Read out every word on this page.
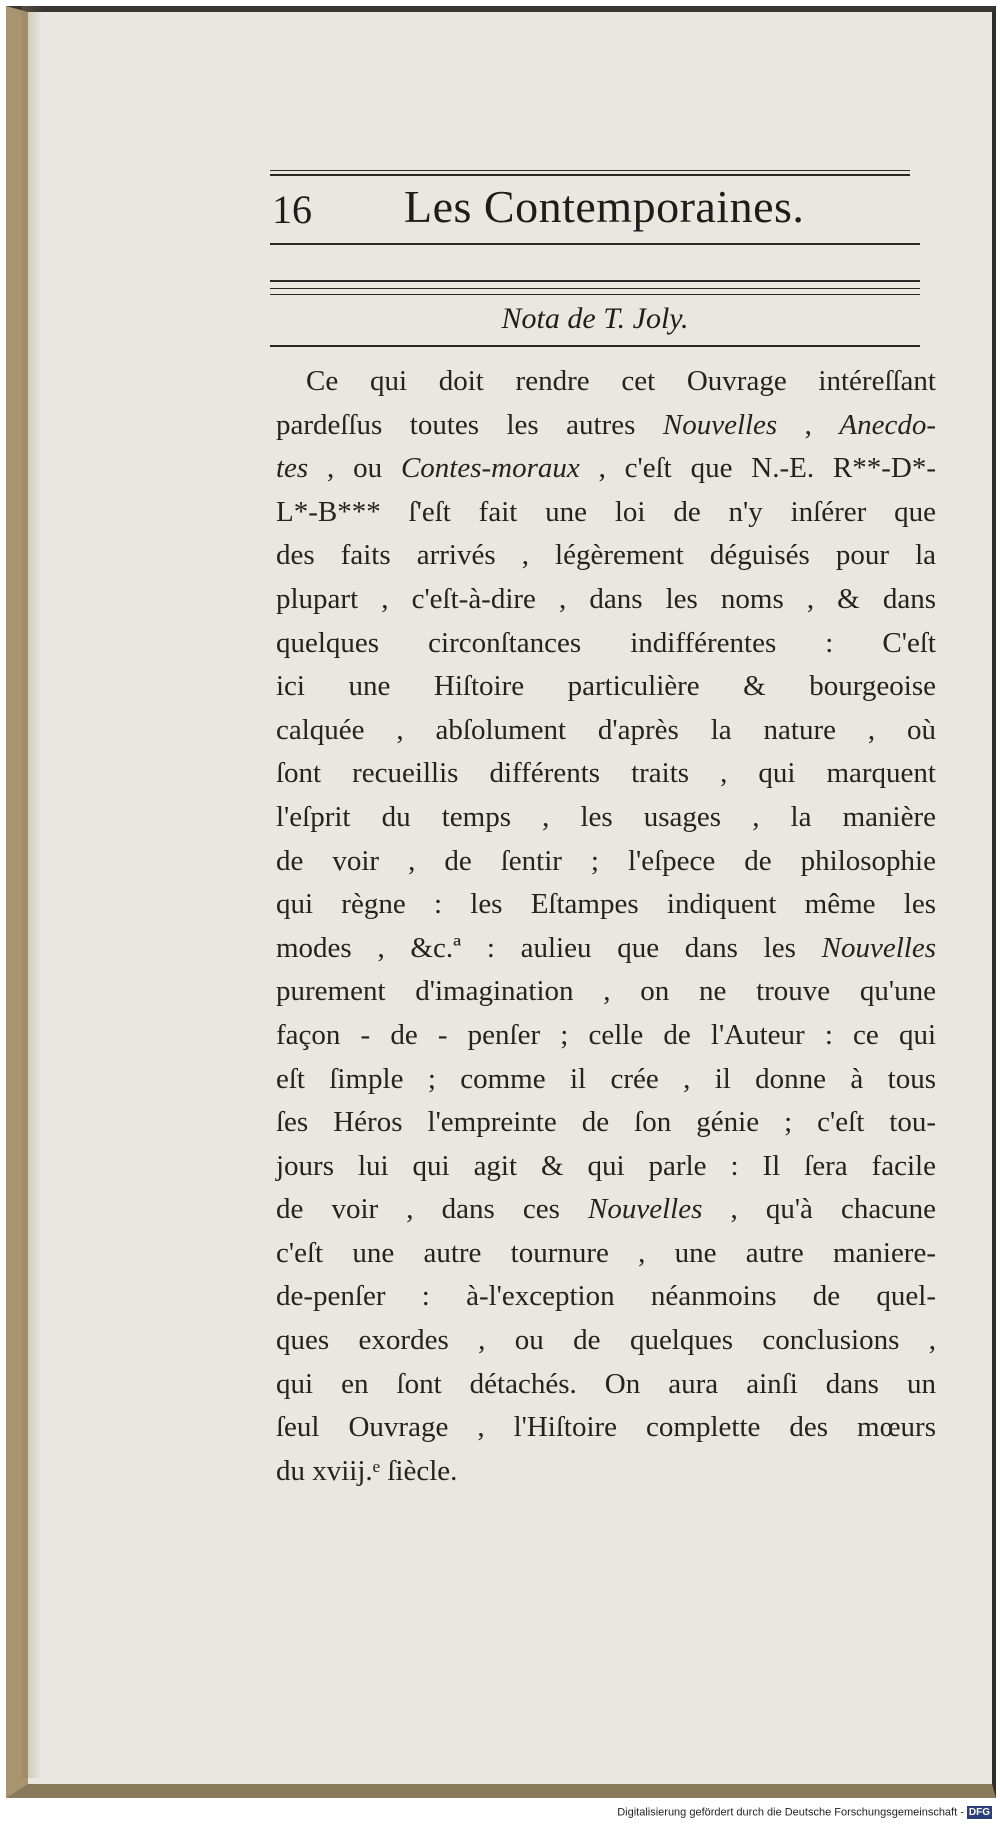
16 Les Contemporaines.
Nota de T. Joly.
Ce qui doit rendre cet Ouvrage intéreſſant
pardeſſus toutes les autres Nouvelles , Anecdo-
tes , ou Contes-moraux , c'eſt que N.-E. R**-D*-
L*-B*** ſ'eſt fait une loi de n'y inſérer que
des faits arrivés , légèrement déguisés pour la
plupart , c'eſt-à-dire , dans les noms , & dans
quelques circonſtances indifférentes : C'eſt
ici une Hiſtoire particulière & bourgeoise
calquée , abſolument d'après la nature , où
ſont recueillis différents traits , qui marquent
l'eſprit du temps , les usages , la manière
de voir , de ſentir ; l'eſpece de philosophie
qui règne : les Eſtampes indiquent même les
modes , &c.ª : aulieu que dans les Nouvelles
purement d'imagination , on ne trouve qu'une
façon - de - penſer ; celle de l'Auteur : ce qui
eſt ſimple ; comme il crée , il donne à tous
ſes Héros l'empreinte de ſon génie ; c'eſt tou-
jours lui qui agit & qui parle : Il ſera facile
de voir , dans ces Nouvelles , qu'à chacune
c'eſt une autre tournure , une autre maniere-
de-penſer : à-l'exception néanmoins de quel-
ques exordes , ou de quelques conclusions ,
qui en ſont détachés. On aura ainſi dans un
ſeul Ouvrage , l'Hiſtoire complette des mœurs
du xviij.ᵉ ſiècle.
Digitalisierung gefördert durch die Deutsche Forschungsgemeinschaft - DFG
